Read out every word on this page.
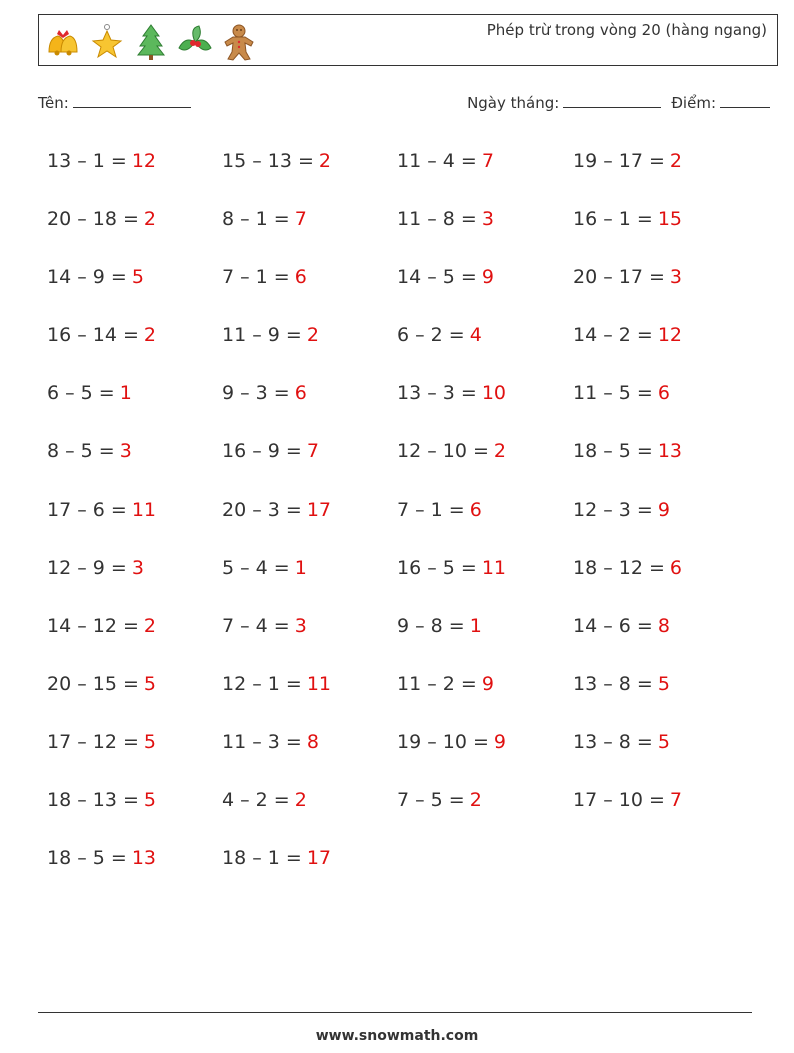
Phép trừ trong vòng 20 (hàng ngang)
Tên:	Ngày tháng:	Điểm:
13 – 1 = 12	15 – 13 = 2	11 – 4 = 7	19 – 17 = 2
20 – 18 = 2	8 – 1 = 7	11 – 8 = 3	16 – 1 = 15
14 – 9 = 5	7 – 1 = 6	14 – 5 = 9	20 – 17 = 3
16 – 14 = 2	11 – 9 = 2	6 – 2 = 4	14 – 2 = 12
6 – 5 = 1	9 – 3 = 6	13 – 3 = 10	11 – 5 = 6
8 – 5 = 3	16 – 9 = 7	12 – 10 = 2	18 – 5 = 13
17 – 6 = 11	20 – 3 = 17	7 – 1 = 6	12 – 3 = 9
12 – 9 = 3	5 – 4 = 1	16 – 5 = 11	18 – 12 = 6
14 – 12 = 2	7 – 4 = 3	9 – 8 = 1	14 – 6 = 8
20 – 15 = 5	12 – 1 = 11	11 – 2 = 9	13 – 8 = 5
17 – 12 = 5	11 – 3 = 8	19 – 10 = 9	13 – 8 = 5
18 – 13 = 5	4 – 2 = 2	7 – 5 = 2	17 – 10 = 7
18 – 5 = 13	18 – 1 = 17
www.snowmath.com
